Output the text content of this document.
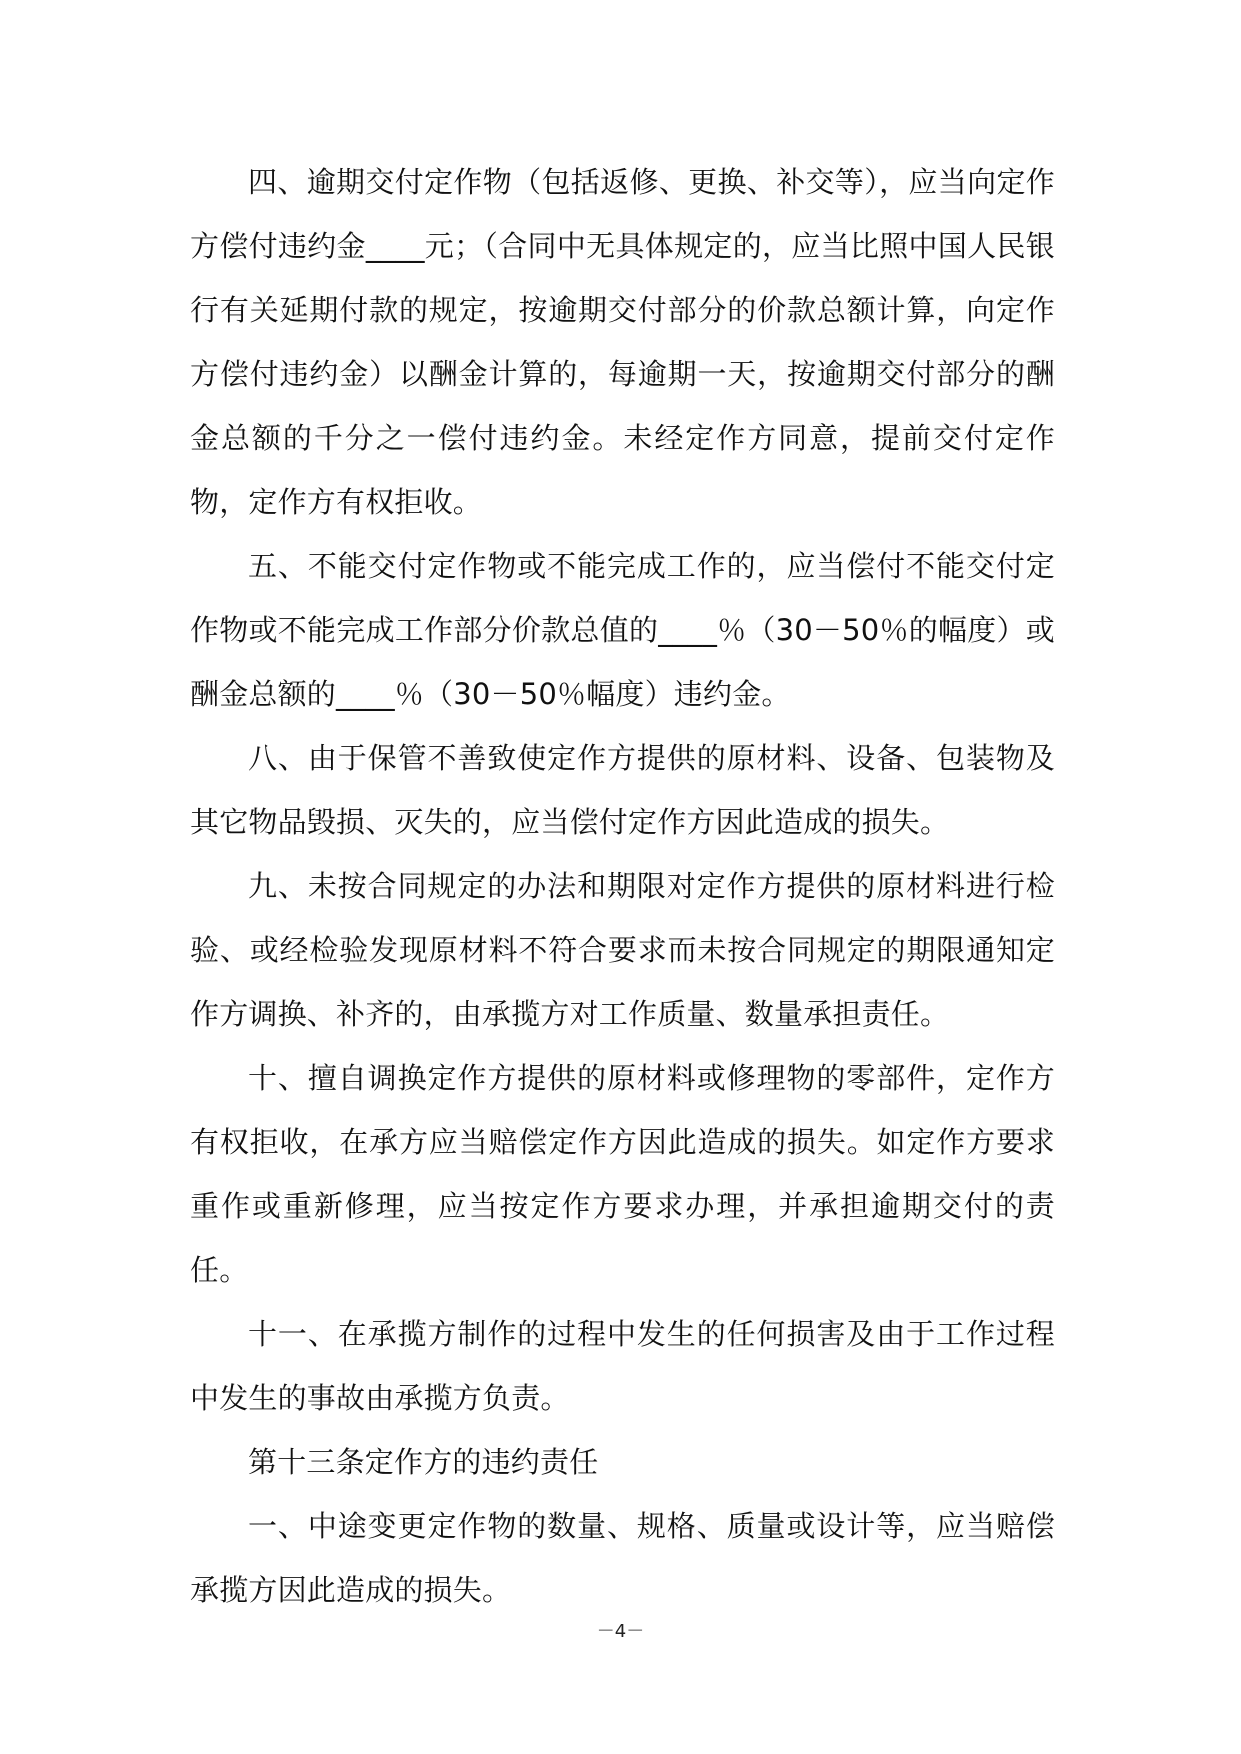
四、逾期交付定作物（包括返修、更换、补交等），应当向定作方偿付违约金____元；（合同中无具体规定的，应当比照中国人民银行有关延期付款的规定，按逾期交付部分的价款总额计算，向定作方偿付违约金）以酬金计算的，每逾期一天，按逾期交付部分的酬金总额的千分之一偿付违约金。未经定作方同意，提前交付定作物，定作方有权拒收。

五、不能交付定作物或不能完成工作的，应当偿付不能交付定作物或不能完成工作部分价款总值的____％（30－50％的幅度）或酬金总额的____％（30－50％幅度）违约金。

八、由于保管不善致使定作方提供的原材料、设备、包装物及其它物品毁损、灭失的，应当偿付定作方因此造成的损失。

九、未按合同规定的办法和期限对定作方提供的原材料进行检验、或经检验发现原材料不符合要求而未按合同规定的期限通知定作方调换、补齐的，由承揽方对工作质量、数量承担责任。

十、擅自调换定作方提供的原材料或修理物的零部件，定作方有权拒收，在承方应当赔偿定作方因此造成的损失。如定作方要求重作或重新修理，应当按定作方要求办理，并承担逾期交付的责任。

十一、在承揽方制作的过程中发生的任何损害及由于工作过程中发生的事故由承揽方负责。

第十三条定作方的违约责任

一、中途变更定作物的数量、规格、质量或设计等，应当赔偿承揽方因此造成的损失。

－4－
